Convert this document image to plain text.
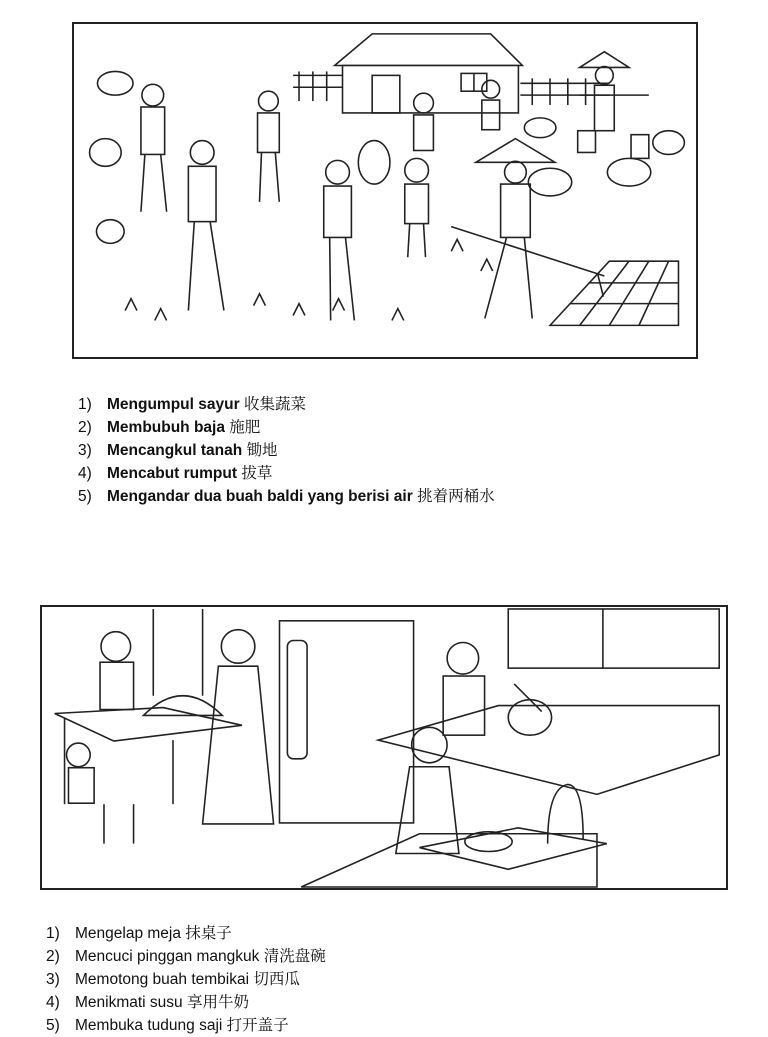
1) Mengumpul sayur 收集蔬菜
2) Membubuh baja 施肥
3) Mencangkul tanah 锄地
4) Mencabut rumput 拔草
5) Mengandar dua buah baldi yang berisi air 挑着两桶水
1) Mengelap meja 抹桌子
2) Mencuci pinggan mangkuk 清洗盘碗
3) Memotong buah tembikai 切西瓜
4) Menikmati susu 享用牛奶
5) Membuka tudung saji 打开盖子
